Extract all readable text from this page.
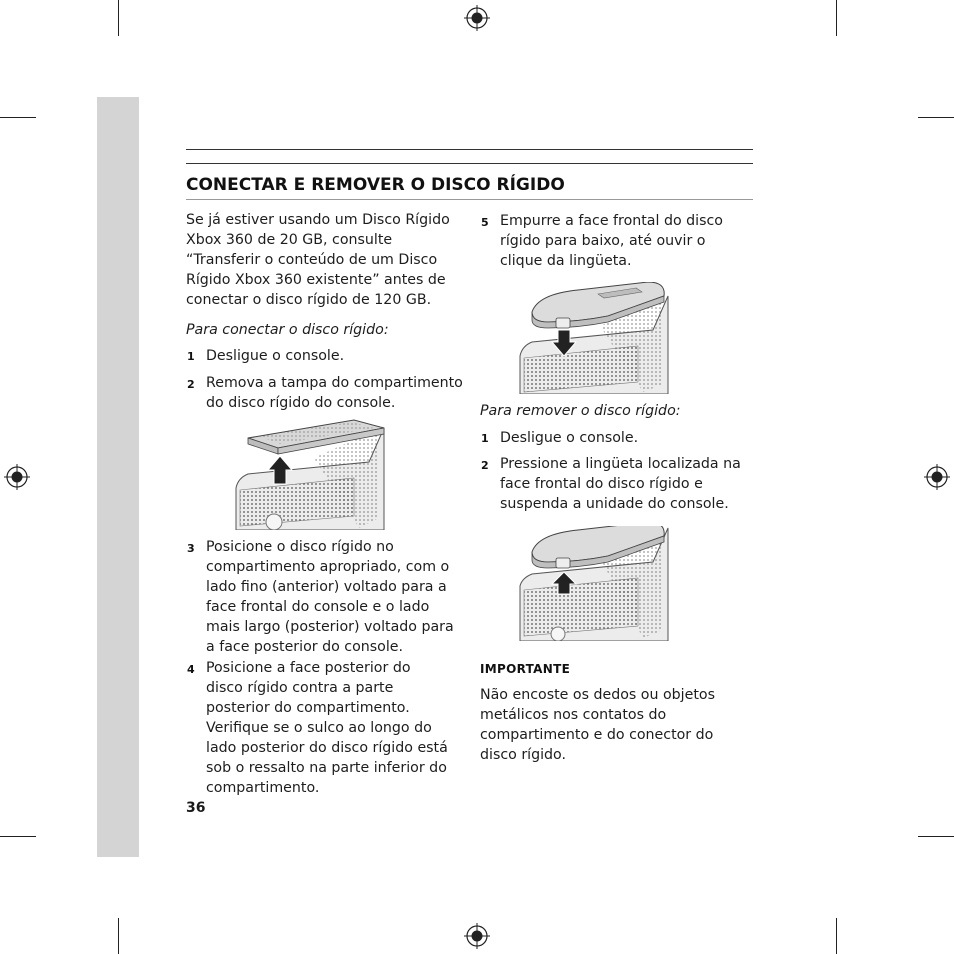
português
CONECTAR E REMOVER O DISCO RÍGIDO
Se já estiver usando um Disco Rígido
Xbox 360 de 20 GB, consulte
“Transferir o conteúdo de um Disco
Rígido Xbox 360 existente” antes de
conectar o disco rígido de 120 GB.
Para conectar o disco rígido:
1 Desligue o console.
2 Remova a tampa do compartimento
do disco rígido do console.
3 Posicione o disco rígido no
compartimento apropriado, com o
lado fino (anterior) voltado para a
face frontal do console e o lado
mais largo (posterior) voltado para
a face posterior do console.
4 Posicione a face posterior do
disco rígido contra a parte
posterior do compartimento.
Verifique se o sulco ao longo do
lado posterior do disco rígido está
sob o ressalto na parte inferior do
compartimento.
36
5 Empurre a face frontal do disco
rígido para baixo, até ouvir o
clique da lingüeta.
Para remover o disco rígido:
1 Desligue o console.
2 Pressione a lingüeta localizada na
face frontal do disco rígido e
suspenda a unidade do console.
IMPORTANTE
Não encoste os dedos ou objetos
metálicos nos contatos do
compartimento e do conector do
disco rígido.
